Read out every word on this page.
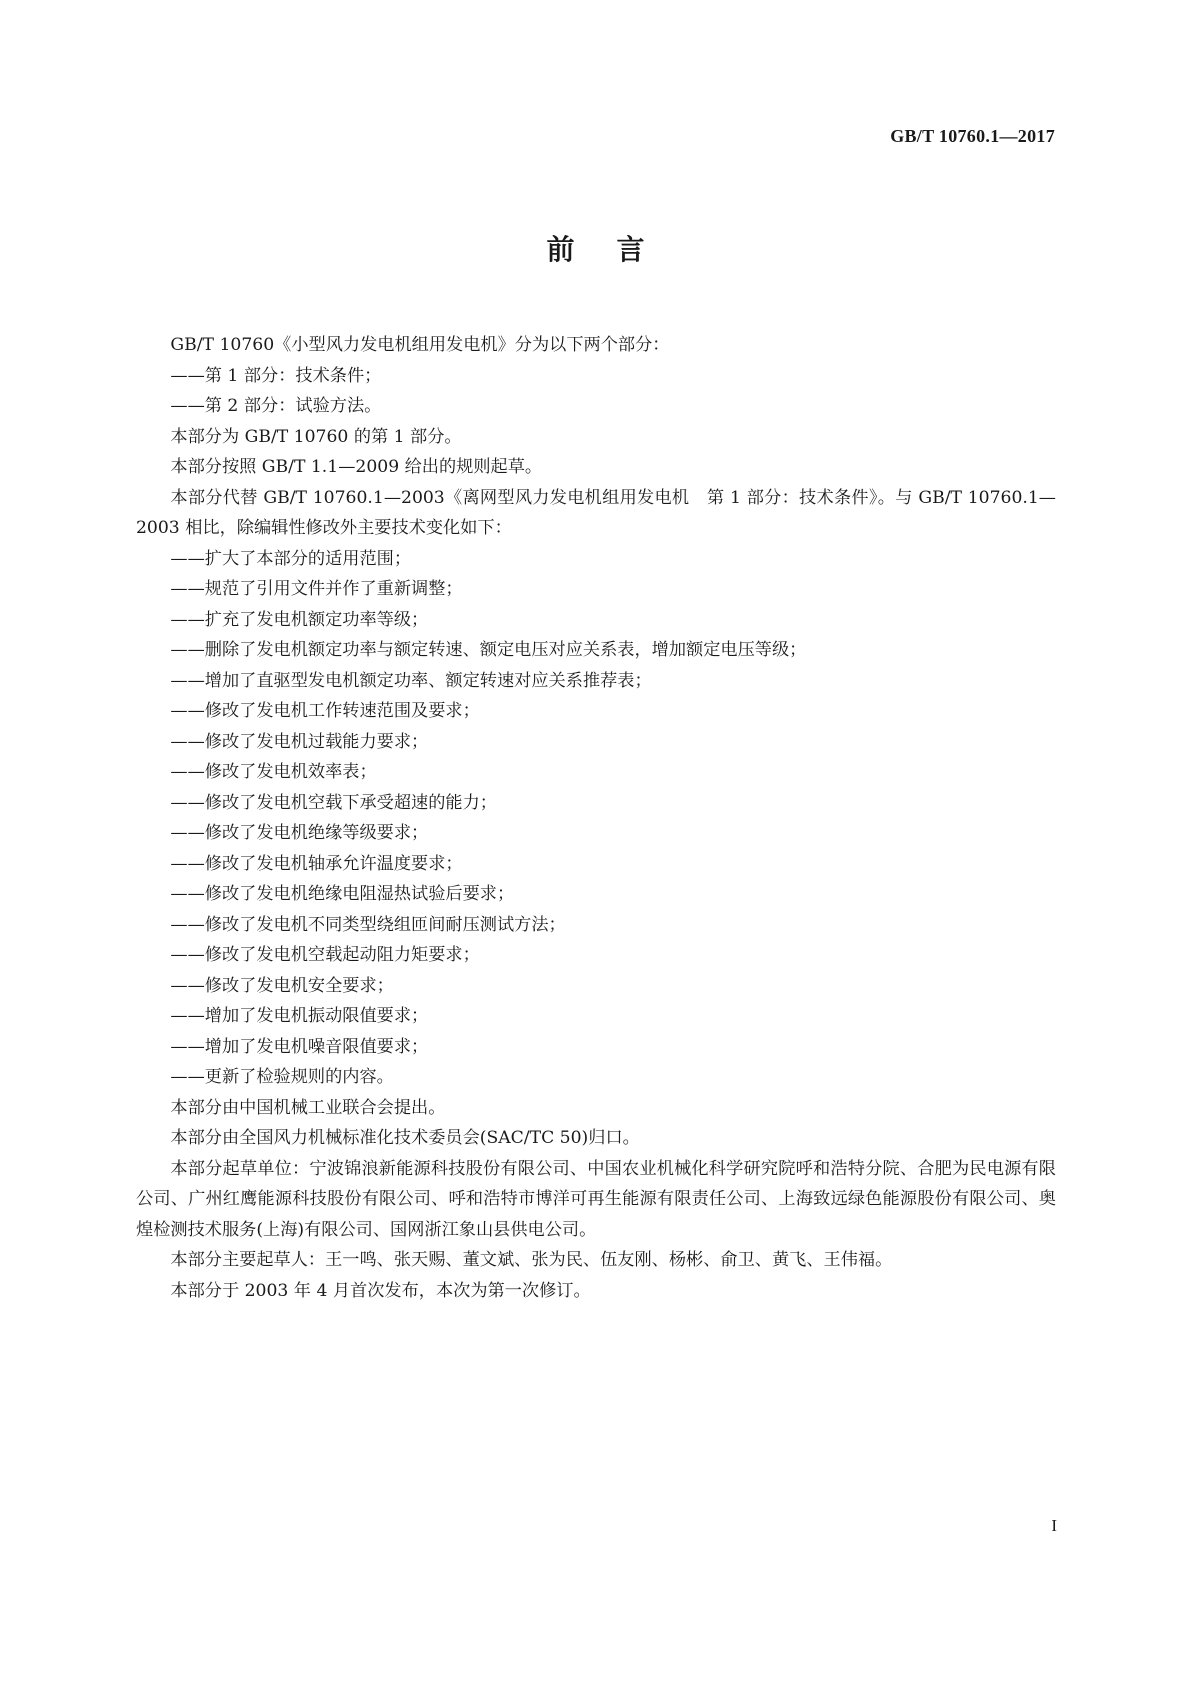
GB/T 10760.1—2017
前言

GB/T 10760《小型风力发电机组用发电机》分为以下两个部分：

——第 1 部分：技术条件；

——第 2 部分：试验方法。

本部分为 GB/T 10760 的第 1 部分。

本部分按照 GB/T 1.1—2009 给出的规则起草。

本部分代替 GB/T 10760.1—2003《离网型风力发电机组用发电机　第 1 部分：技术条件》。与 GB/T 10760.1—2003 相比，除编辑性修改外主要技术变化如下：

——扩大了本部分的适用范围；

——规范了引用文件并作了重新调整；

——扩充了发电机额定功率等级；

——删除了发电机额定功率与额定转速、额定电压对应关系表，增加额定电压等级；

——增加了直驱型发电机额定功率、额定转速对应关系推荐表；

——修改了发电机工作转速范围及要求；

——修改了发电机过载能力要求；

——修改了发电机效率表；

——修改了发电机空载下承受超速的能力；

——修改了发电机绝缘等级要求；

——修改了发电机轴承允许温度要求；

——修改了发电机绝缘电阻湿热试验后要求；

——修改了发电机不同类型绕组匝间耐压测试方法；

——修改了发电机空载起动阻力矩要求；

——修改了发电机安全要求；

——增加了发电机振动限值要求；

——增加了发电机噪音限值要求；

——更新了检验规则的内容。

本部分由中国机械工业联合会提出。

本部分由全国风力机械标准化技术委员会(SAC/TC 50)归口。

本部分起草单位：宁波锦浪新能源科技股份有限公司、中国农业机械化科学研究院呼和浩特分院、合肥为民电源有限公司、广州红鹰能源科技股份有限公司、呼和浩特市博洋可再生能源有限责任公司、上海致远绿色能源股份有限公司、奥煌检测技术服务(上海)有限公司、国网浙江象山县供电公司。

本部分主要起草人：王一鸣、张天赐、董文斌、张为民、伍友刚、杨彬、俞卫、黄飞、王伟福。

本部分于 2003 年 4 月首次发布，本次为第一次修订。

I
